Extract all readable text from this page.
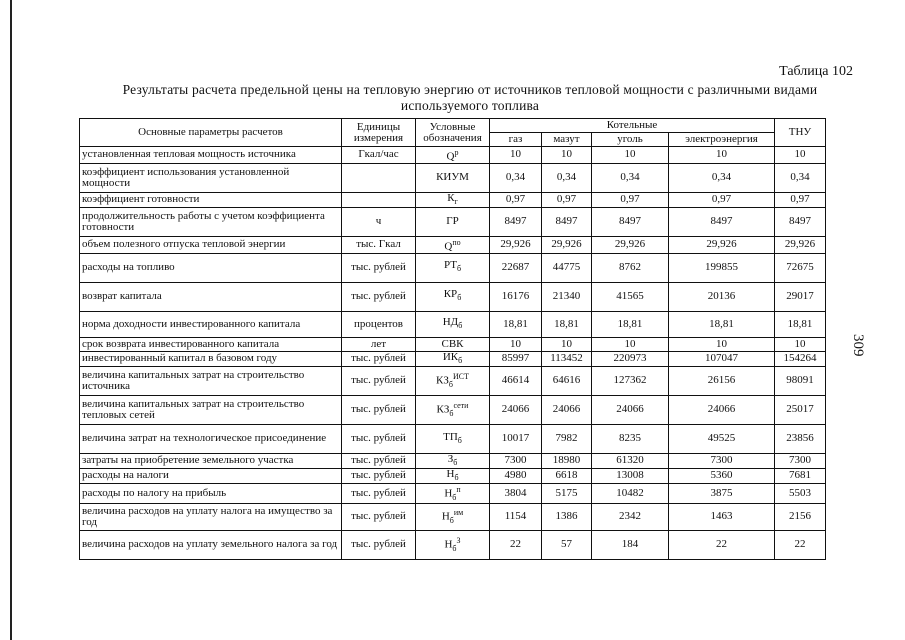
Таблица 102
Результаты расчета предельной цены на тепловую энергию от источников тепловой мощности с различными видами
используемого топлива
309
Основные параметры расчетов	Единицы измерения	Условные обозначения	Котельные				ТНУ
			газ	мазут	уголь	электроэнергия	
установленная тепловая мощность источника	Гкал/час	$Q^р$	10	10	10	10	10
коэффициент использования установленной мощности		КИУМ	0,34	0,34	0,34	0,34	0,34
коэффициент готовности		$К_г$	0,97	0,97	0,97	0,97	0,97
продолжительность работы с учетом коэффициента готовности	ч	ГР	8497	8497	8497	8497	8497
объем полезного отпуска тепловой энергии	тыс. Гкал	$Q^{по}$	29,926	29,926	29,926	29,926	29,926
расходы на топливо	тыс. рублей	$РТ_б$	22687	44775	8762	199855	72675
возврат капитала	тыс. рублей	$КР_б$	16176	21340	41565	20136	29017
норма доходности инвестированного капитала	процентов	$НД_б$	18,81	18,81	18,81	18,81	18,81
срок возврата инвестированного капитала	лет	СВК	10	10	10	10	10
инвестированный капитал в базовом году	тыс. рублей	$ИК_б$	85997	113452	220973	107047	154264
величина капитальных затрат на строительство источника	тыс. рублей	$КЗ_б^{ИСТ}$	46614	64616	127362	26156	98091
величина капитальных затрат на строительство тепловых сетей	тыс. рублей	$КЗ_б^{сети}$	24066	24066	24066	24066	25017
величина затрат на технологическое присоединение	тыс. рублей	$ТП_б$	10017	7982	8235	49525	23856
затраты на приобретение земельного участка	тыс. рублей	$З_б$	7300	18980	61320	7300	7300
расходы на налоги	тыс. рублей	$Н_б$	4980	6618	13008	5360	7681
расходы по налогу на прибыль	тыс. рублей	$Н_б^п$	3804	5175	10482	3875	5503
величина расходов на уплату налога на имущество за год	тыс. рублей	$Н_б^{им}$	1154	1386	2342	1463	2156
величина расходов на уплату земельного налога за год	тыс. рублей	$Н_б^З$	22	57	184	22	22
